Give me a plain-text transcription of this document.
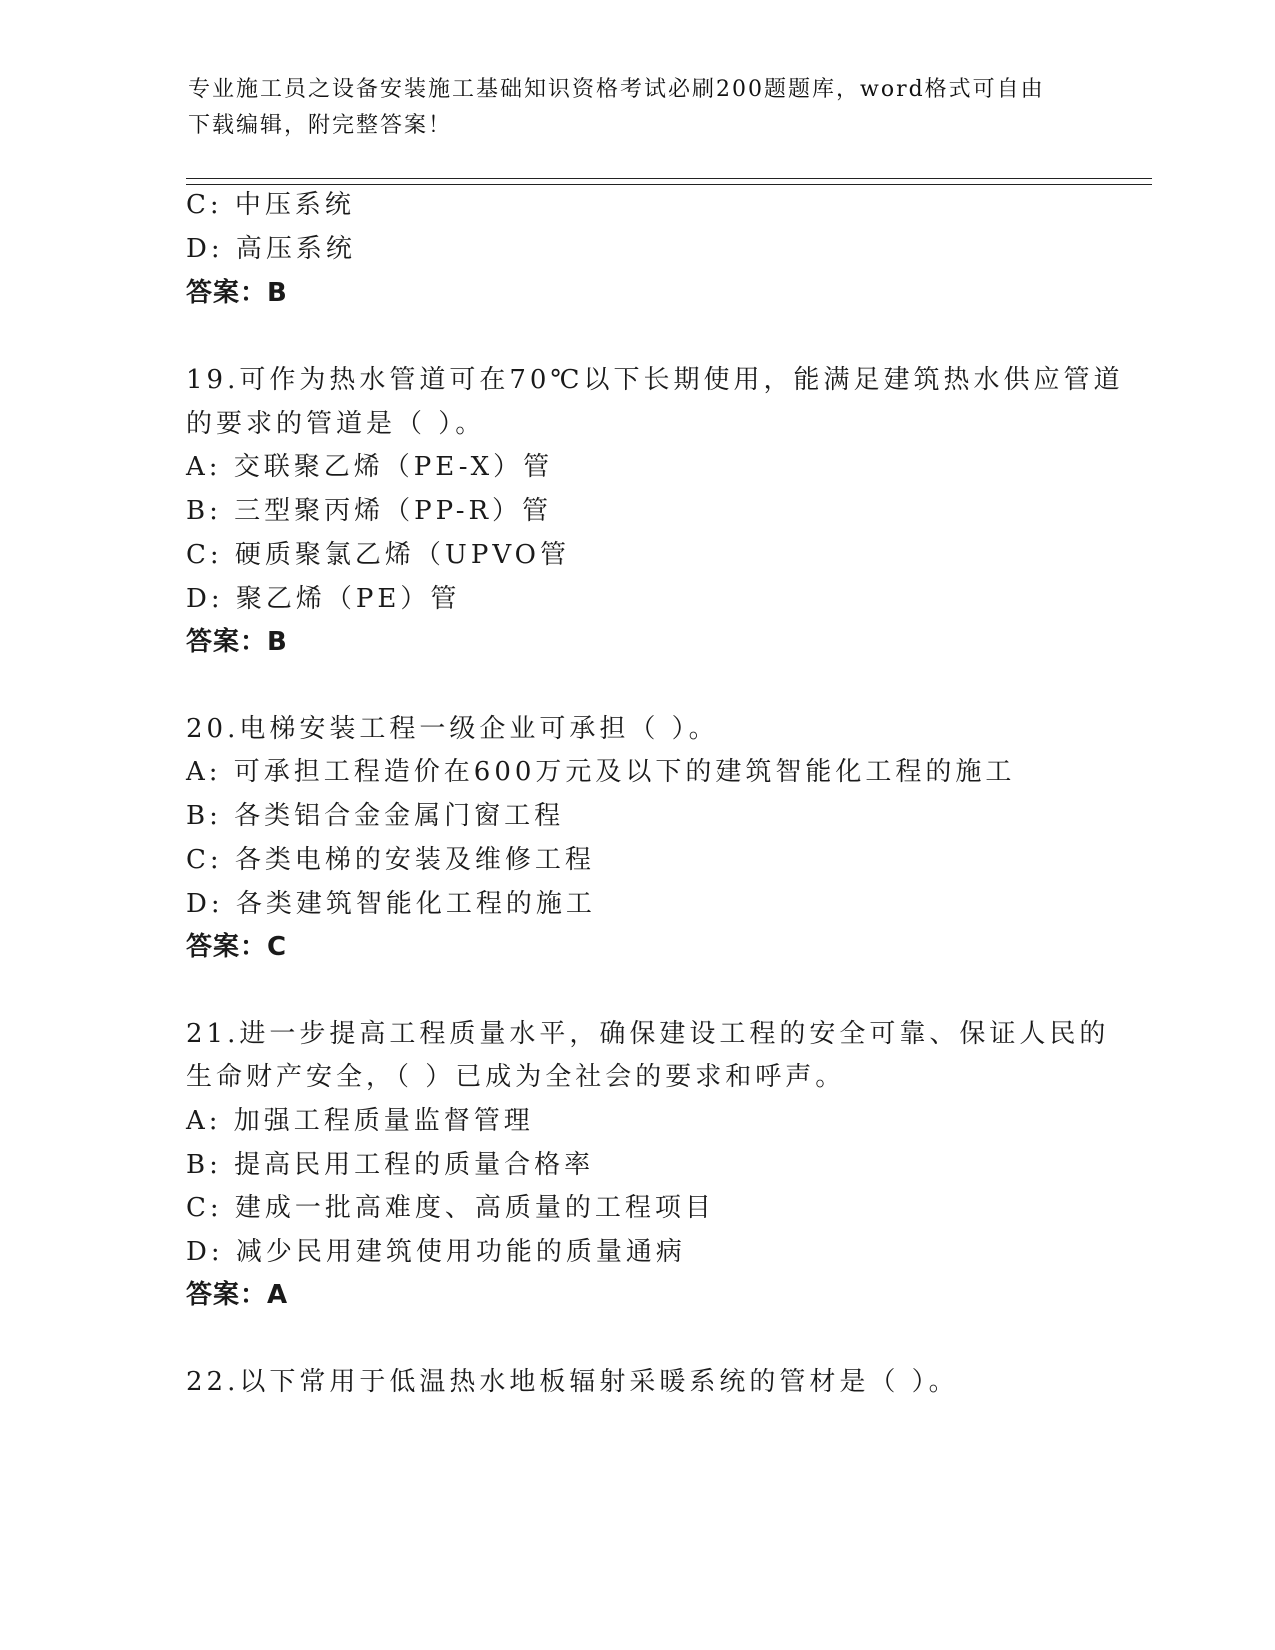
专业施工员之设备安装施工基础知识资格考试必刷200题题库，word格式可自由
下载编辑，附完整答案！
C: 中压系统
D: 高压系统
答案：B
19.可作为热水管道可在70℃以下长期使用，能满足建筑热水供应管道
的要求的管道是（ ）。
A: 交联聚乙烯（PE-X）管
B: 三型聚丙烯（PP-R）管
C: 硬质聚氯乙烯（UPVO管
D: 聚乙烯（PE）管
答案：B
20.电梯安装工程一级企业可承担（ ）。
A: 可承担工程造价在600万元及以下的建筑智能化工程的施工
B: 各类铝合金金属门窗工程
C: 各类电梯的安装及维修工程
D: 各类建筑智能化工程的施工
答案：C
21.进一步提高工程质量水平，确保建设工程的安全可靠、保证人民的
生命财产安全，（ ）已成为全社会的要求和呼声。
A: 加强工程质量监督管理
B: 提高民用工程的质量合格率
C: 建成一批高难度、高质量的工程项目
D: 减少民用建筑使用功能的质量通病
答案：A
22.以下常用于低温热水地板辐射采暖系统的管材是（ ）。
